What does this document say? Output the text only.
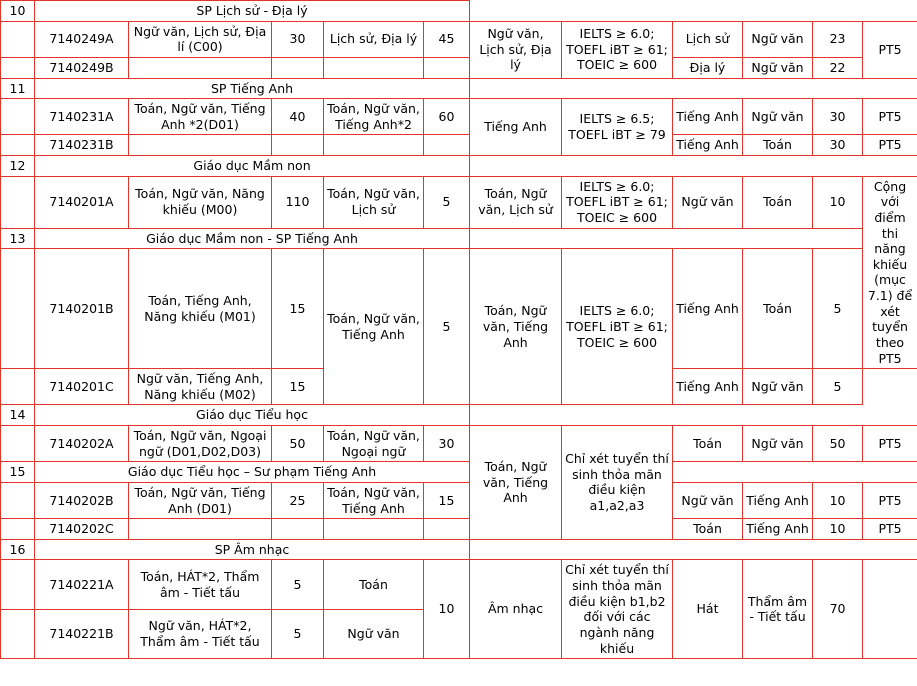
10	SP Lịch sử - Địa lý										
	7140249A	Ngữ văn, Lịch sử, Địa lí (C00)	30	Lịch sử, Địa lý	45	Ngữ văn, Lịch sử, Địa lý	IELTS ≥ 6.0; TOEFL iBT ≥ 61; TOEIC ≥ 600	Lịch sử	Ngữ văn	23	PT5
	7140249B							Địa lý	Ngữ văn	22	
11	SP Tiếng Anh										
	7140231A	Toán, Ngữ văn, Tiếng Anh *2(D01)	40	Toán, Ngữ văn, Tiếng Anh*2	60	Tiếng Anh	IELTS ≥ 6.5; TOEFL iBT ≥ 79	Tiếng Anh	Ngữ văn	30	PT5
	7140231B							Tiếng Anh	Toán	30	PT5
12	Giáo dục Mầm non										
	7140201A	Toán, Ngữ văn, Năng khiếu (M00)	110	Toán, Ngữ văn, Lịch sử	5	Toán, Ngữ văn, Lịch sử	IELTS ≥ 6.0; TOEFL iBT ≥ 61; TOEIC ≥ 600	Ngữ văn	Toán	10	Cộng với điểm thi năng khiếu (mục 7.1) để xét tuyển theo PT5
13	Giáo dục Mầm non - SP Tiếng Anh										
	7140201B	Toán, Tiếng Anh, Năng khiếu (M01)	15	Toán, Ngữ văn, Tiếng Anh	5	Toán, Ngữ văn, Tiếng Anh	IELTS ≥ 6.0; TOEFL iBT ≥ 61; TOEIC ≥ 600	Tiếng Anh	Toán	5	
	7140201C	Ngữ văn, Tiếng Anh, Năng khiếu (M02)	15					Tiếng Anh	Ngữ văn	5	
14	Giáo dục Tiểu học										
	7140202A	Toán, Ngữ văn, Ngoại ngữ (D01,D02,D03)	50	Toán, Ngữ văn, Ngoại ngữ	30	Toán, Ngữ văn, Tiếng Anh	Chỉ xét tuyển thí sinh thỏa mãn điều kiện a1,a2,a3	Toán	Ngữ văn	50	PT5
15	Giáo dục Tiểu học – Sư phạm Tiếng Anh										
	7140202B	Toán, Ngữ văn, Tiếng Anh (D01)	25	Toán, Ngữ văn, Tiếng Anh	15			Ngữ văn	Tiếng Anh	10	PT5
	7140202C							Toán	Tiếng Anh	10	PT5
16	SP Âm nhạc										
	7140221A	Toán, HÁT*2, Thẩm âm - Tiết tấu	5	Toán	10	Âm nhạc	Chỉ xét tuyển thí sinh thỏa mãn điều kiện b1,b2 đối với các ngành năng khiếu	Hát	Thẩm âm - Tiết tấu	70	
	7140221B	Ngữ văn, HÁT*2, Thẩm âm - Tiết tấu	5	Ngữ văn							
